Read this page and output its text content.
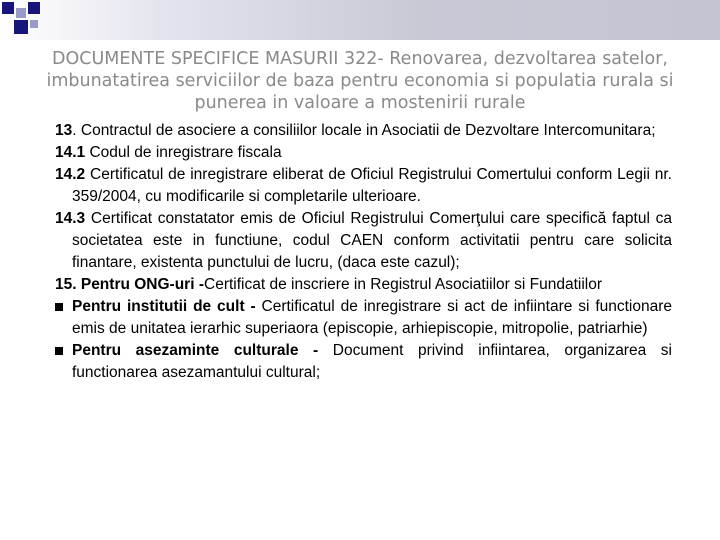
DOCUMENTE SPECIFICE MASURII 322- Renovarea, dezvoltarea satelor,
imbunatatirea serviciilor de baza pentru economia si populatia rurala si
punerea in valoare a mostenirii rurale
13. Contractul de asociere a consiliilor locale in Asociatii de Dezvoltare Intercomunitara;
14.1 Codul de inregistrare fiscala
14.2 Certificatul de inregistrare eliberat de Oficiul Registrului Comertului conform Legii nr. 359/2004, cu modificarile si completarile ulterioare.
14.3 Certificat constatator emis de Oficiul Registrului Comerţului care specifică faptul ca societatea este in functiune, codul CAEN conform activitatii pentru care solicita finantare, existenta punctului de lucru, (daca este cazul);
15. Pentru ONG-uri -Certificat de inscriere in Registrul Asociatiilor si Fundatiilor
Pentru institutii de cult - Certificatul de inregistrare si act de infiintare si functionare emis de unitatea ierarhic superiaora (episcopie, arhiepiscopie, mitropolie, patriarhie)
Pentru asezaminte culturale - Document privind infiintarea, organizarea si functionarea asezamantului cultural;
